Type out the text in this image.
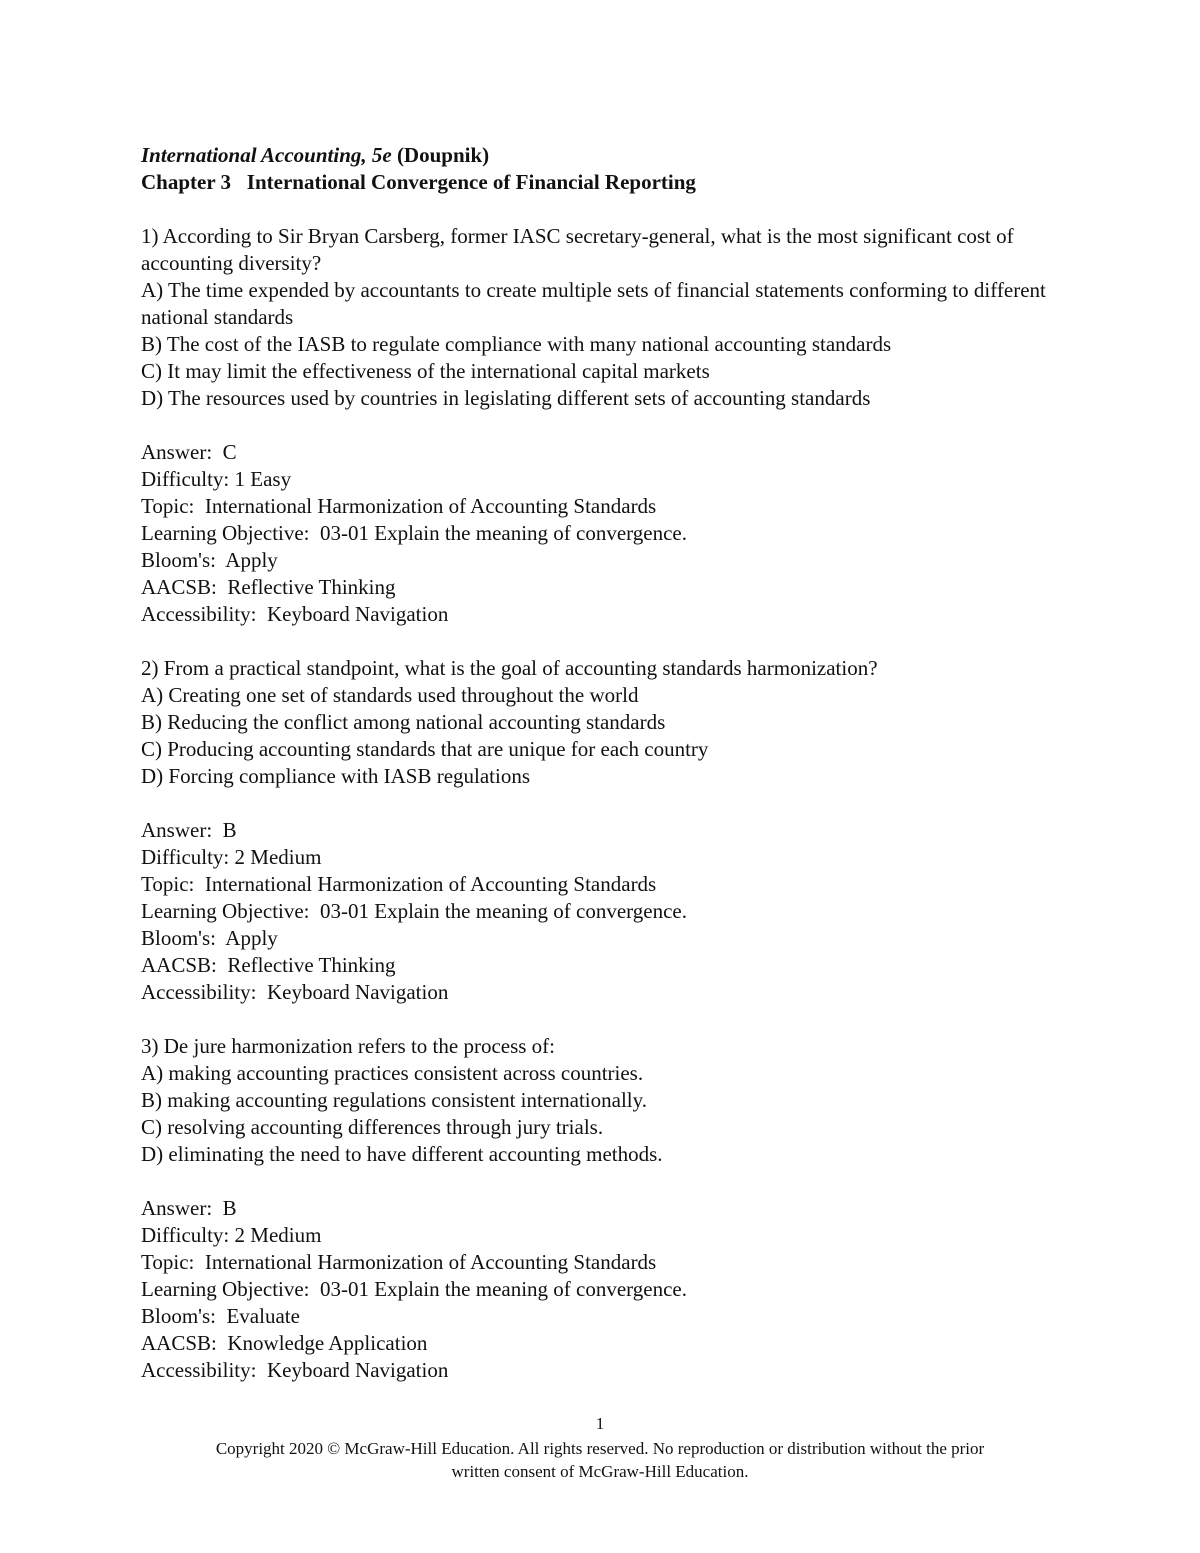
International Accounting, 5e (Doupnik)
Chapter 3   International Convergence of Financial Reporting
1) According to Sir Bryan Carsberg, former IASC secretary-general, what is the most significant cost of accounting diversity?
A) The time expended by accountants to create multiple sets of financial statements conforming to different national standards
B) The cost of the IASB to regulate compliance with many national accounting standards
C) It may limit the effectiveness of the international capital markets
D) The resources used by countries in legislating different sets of accounting standards
Answer:  C
Difficulty: 1 Easy
Topic:  International Harmonization of Accounting Standards
Learning Objective:  03-01 Explain the meaning of convergence.
Bloom's:  Apply
AACSB:  Reflective Thinking
Accessibility:  Keyboard Navigation
2) From a practical standpoint, what is the goal of accounting standards harmonization?
A) Creating one set of standards used throughout the world
B) Reducing the conflict among national accounting standards
C) Producing accounting standards that are unique for each country
D) Forcing compliance with IASB regulations
Answer:  B
Difficulty: 2 Medium
Topic:  International Harmonization of Accounting Standards
Learning Objective:  03-01 Explain the meaning of convergence.
Bloom's:  Apply
AACSB:  Reflective Thinking
Accessibility:  Keyboard Navigation
3) De jure harmonization refers to the process of:
A) making accounting practices consistent across countries.
B) making accounting regulations consistent internationally.
C) resolving accounting differences through jury trials.
D) eliminating the need to have different accounting methods.
Answer:  B
Difficulty: 2 Medium
Topic:  International Harmonization of Accounting Standards
Learning Objective:  03-01 Explain the meaning of convergence.
Bloom's:  Evaluate
AACSB:  Knowledge Application
Accessibility:  Keyboard Navigation
1
Copyright 2020 © McGraw-Hill Education. All rights reserved. No reproduction or distribution without the prior
written consent of McGraw-Hill Education.
